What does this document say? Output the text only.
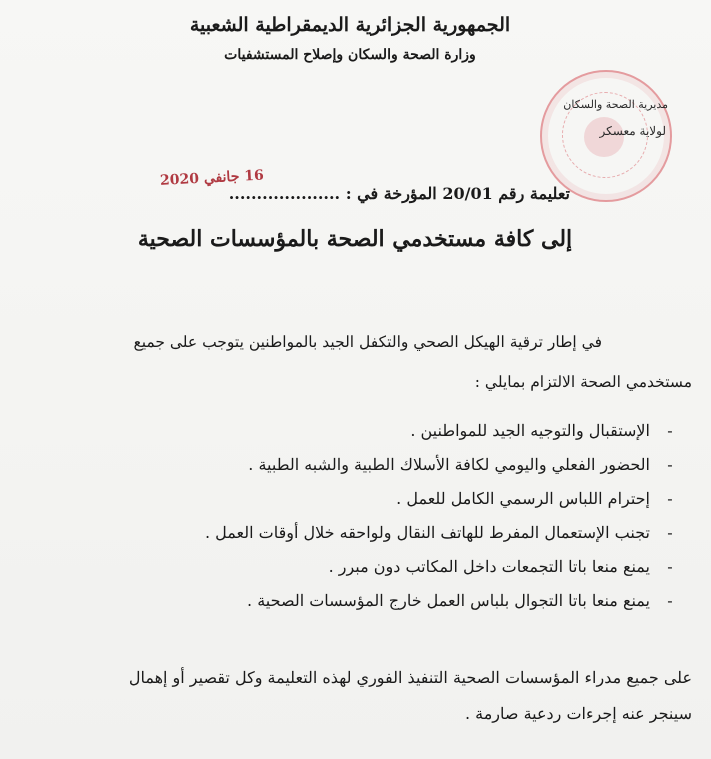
الجمهورية الجزائرية الديمقراطية الشعبية
وزارة الصحة والسكان وإصلاح المستشفيات
مديرية الصحة والسكان
لولاية معسكر
16 جانفي 2020
تعليمة رقم 20/01 المؤرخة في : ....................
إلى كافة مستخدمي الصحة بالمؤسسات الصحية
في إطار ترقية الهيكل الصحي والتكفل الجيد بالمواطنين يتوجب على جميع
مستخدمي الصحة الالتزام بمايلي :
-
الإستقبال والتوجيه الجيد للمواطنين .
-
الحضور الفعلي واليومي لكافة الأسلاك الطبية والشبه الطبية .
-
إحترام اللباس الرسمي الكامل للعمل .
-
تجنب الإستعمال المفرط للهاتف النقال ولواحقه خلال أوقات العمل .
-
يمنع منعا باتا التجمعات داخل المكاتب دون مبرر .
-
يمنع منعا باتا التجوال بلباس العمل خارج المؤسسات الصحية .
على جميع مدراء المؤسسات الصحية التنفيذ الفوري لهذه التعليمة وكل تقصير أو إهمال
سينجر عنه إجرءات ردعية صارمة .
